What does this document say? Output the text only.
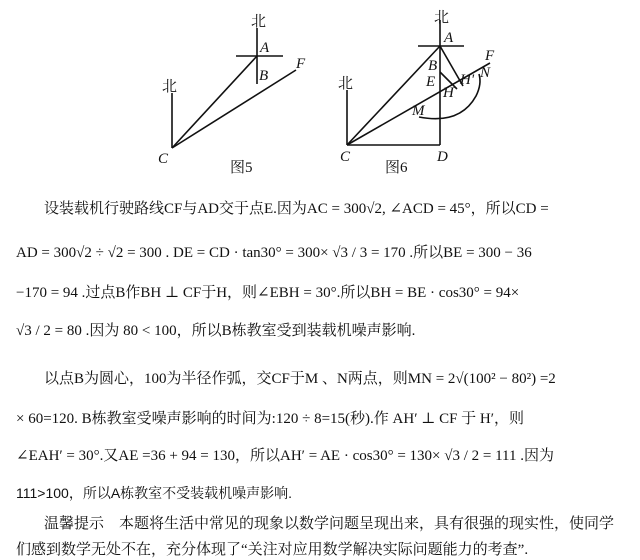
北
A
B
北
C
F
图5
北
A
B
E
H
H' N
F
M
北
C	D
图6
设装载机行驶路线CF与AD交于点E.因为AC = 300√2, ∠ACD = 45°，所以CD =
AD = 300√2 ÷ √2 = 300 . DE = CD · tan30° = 300× √3 / 3 = 170 .所以BE = 300 − 36
−170 = 94 .过点B作BH ⊥ CF于H，则∠EBH = 30°.所以BH = BE · cos30° = 94×
√3 / 2 = 80 .因为 80 < 100，所以B栋教室受到装载机噪声影响.
以点B为圆心，100为半径作弧，交CF于M 、N两点，则MN = 2√(100² − 80²) =2
× 60=120. B栋教室受噪声影响的时间为:120 ÷ 8=15(秒).作 AH′ ⊥ CF 于 H′，则
∠EAH′ = 30°.又AE =36 + 94 = 130，所以AH′ = AE · cos30° = 130× √3 / 2 = 111 .因为
111>100，所以A栋教室不受装载机噪声影响.
温馨提示　本题将生活中常见的现象以数学问题呈现出来，具有很强的现实性，使同学
们感到数学无处不在，充分体现了“关注对应用数学解决实际问题能力的考查”.
